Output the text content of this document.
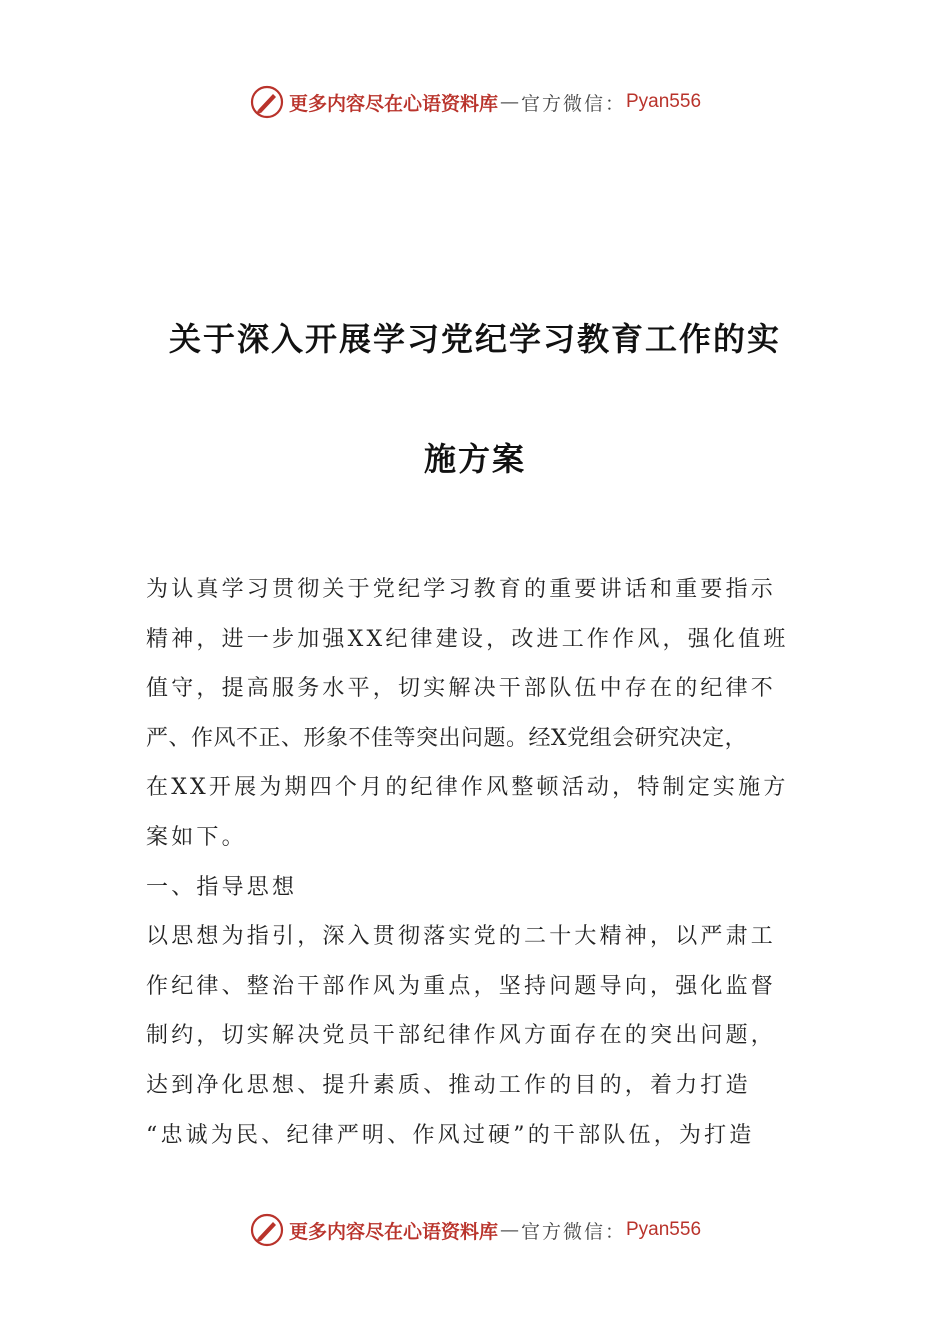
更多内容尽在心语资料库 — 官方微信： Pyan556
关于深入开展学习党纪学习教育工作的实
施方案
为认真学习贯彻关于党纪学习教育的重要讲话和重要指示
精神，进一步加强XX纪律建设，改进工作作风，强化值班
值守，提高服务水平，切实解决干部队伍中存在的纪律不
严、作风不正、形象不佳等突出问题。经X党组会研究决定，
在XX开展为期四个月的纪律作风整顿活动，特制定实施方
案如下。
一、指导思想
以思想为指引，深入贯彻落实党的二十大精神，以严肃工
作纪律、整治干部作风为重点，坚持问题导向，强化监督
制约，切实解决党员干部纪律作风方面存在的突出问题，
达到净化思想、提升素质、推动工作的目的，着力打造
“忠诚为民、纪律严明、作风过硬”的干部队伍，为打造
更多内容尽在心语资料库 — 官方微信： Pyan556
